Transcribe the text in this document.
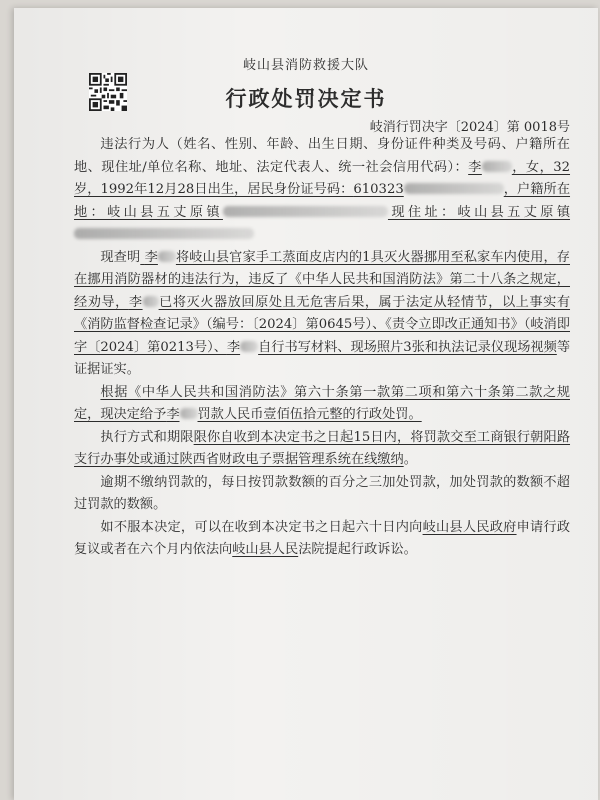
岐山县消防救援大队
行政处罚决定书
岐消行罚决字〔2024〕第 0018号

违法行为人（姓名、性别、年龄、出生日期、身份证件种类及号码、户籍所在地、现住址/单位名称、地址、法定代表人、统一社会信用代码）：李 ，女，32岁，1992年12月28日出生，居民身份证号码：610323	，户籍所在地：岐山县五丈原镇	现住址：岐山县五丈原镇

现查明 李 将岐山县官家手工蒸面皮店内的1具灭火器挪用至私家车内使用，存在挪用消防器材的违法行为，违反了《中华人民共和国消防法》第二十八条之规定，经劝导，李 已将灭火器放回原处且无危害后果，属于法定从轻情节，以上事实有《消防监督检查记录》（编号：〔2024〕第0645号）、《责令立即改正通知书》（岐消即字〔2024〕第0213号）、李 自行书写材料、现场照片3张和执法记录仪现场视频等证据证实。

根据《中华人民共和国消防法》第六十条第一款第二项和第六十条第二款之规定，现决定给予李 罚款人民币壹佰伍拾元整的行政处罚。

执行方式和期限限你自收到本决定书之日起15日内，将罚款交至工商银行朝阳路支行办事处或通过陕西省财政电子票据管理系统在线缴纳。

逾期不缴纳罚款的，每日按罚款数额的百分之三加处罚款，加处罚款的数额不超过罚款的数额。

如不服本决定，可以在收到本决定书之日起六十日内向岐山县人民政府申请行政复议或者在六个月内依法向岐山县人民法院提起行政诉讼。
